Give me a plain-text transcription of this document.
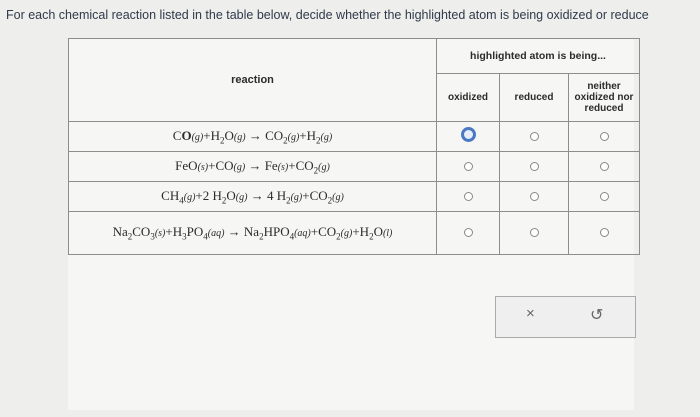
For each chemical reaction listed in the table below, decide whether the highlighted atom is being oxidized or reduce
reaction	highlighted atom is being...		
	oxidized	reduced	neither oxidized nor reduced
$CO(g)+H_2O(g) \to CO_2(g)+H_2(g)$			
$FeO(s)+CO(g) \to Fe(s)+CO_2(g)$			
$CH_4(g)+2$ $H_2O(g) \to 4$ $H_2(g)+CO_2(g)$			
$Na_2CO_3(s)+H_3PO_4(aq) \to Na_2HPO_4(aq)+CO_2(g)+H_2O(l)$			
×	↺
